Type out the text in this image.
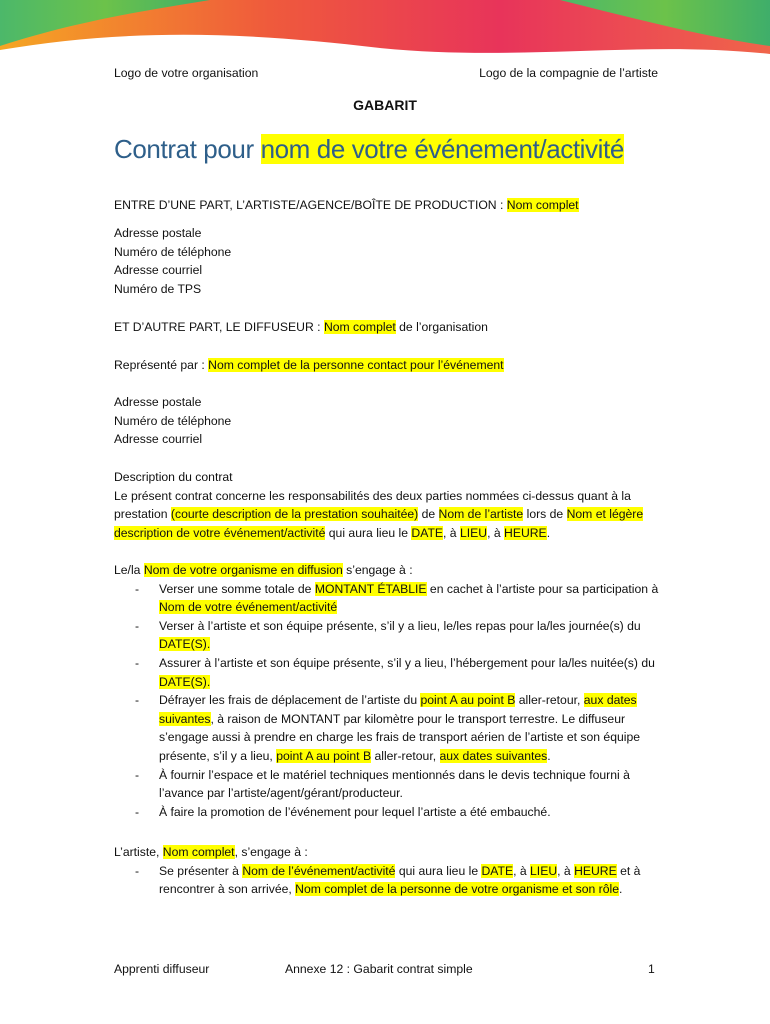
Logo de votre organisation	Logo de la compagnie de l’artiste
GABARIT
Contrat pour nom de votre événement/activité

ENTRE D’UNE PART, L’ARTISTE/AGENCE/BOÎTE DE PRODUCTION : Nom complet

Adresse postale

Numéro de téléphone

Adresse courriel

Numéro de TPS

ET D’AUTRE PART, LE DIFFUSEUR : Nom complet de l’organisation

Représenté par : Nom complet de la personne contact pour l’événement

Adresse postale

Numéro de téléphone

Adresse courriel

Description du contrat

Le présent contrat concerne les responsabilités des deux parties nommées ci-dessus quant à la prestation (courte description de la prestation souhaitée) de Nom de l’artiste lors de Nom et légère description de votre événement/activité qui aura lieu le DATE, à LIEU, à HEURE.

Le/la Nom de votre organisme en diffusion s’engage à :

- Verser une somme totale de MONTANT ÉTABLIE en cachet à l’artiste pour sa participation à Nom de votre événement/activité
- Verser à l’artiste et son équipe présente, s’il y a lieu, le/les repas pour la/les journée(s) du DATE(S).
- Assurer à l’artiste et son équipe présente, s’il y a lieu, l’hébergement pour la/les nuitée(s) du DATE(S).
- Défrayer les frais de déplacement de l’artiste du point A au point B aller-retour, aux dates suivantes, à raison de MONTANT par kilomètre pour le transport terrestre. Le diffuseur s’engage aussi à prendre en charge les frais de transport aérien de l’artiste et son équipe présente, s’il y a lieu, point A au point B aller-retour, aux dates suivantes.
- À fournir l’espace et le matériel techniques mentionnés dans le devis technique fourni à l’avance par l’artiste/agent/gérant/producteur.
- À faire la promotion de l’événement pour lequel l’artiste a été embauché.

L’artiste, Nom complet, s’engage à :

- Se présenter à Nom de l’événement/activité qui aura lieu le DATE, à LIEU, à HEURE et à rencontrer à son arrivée, Nom complet de la personne de votre organisme et son rôle.
Apprenti diffuseur	Annexe 12 : Gabarit contrat simple	1
